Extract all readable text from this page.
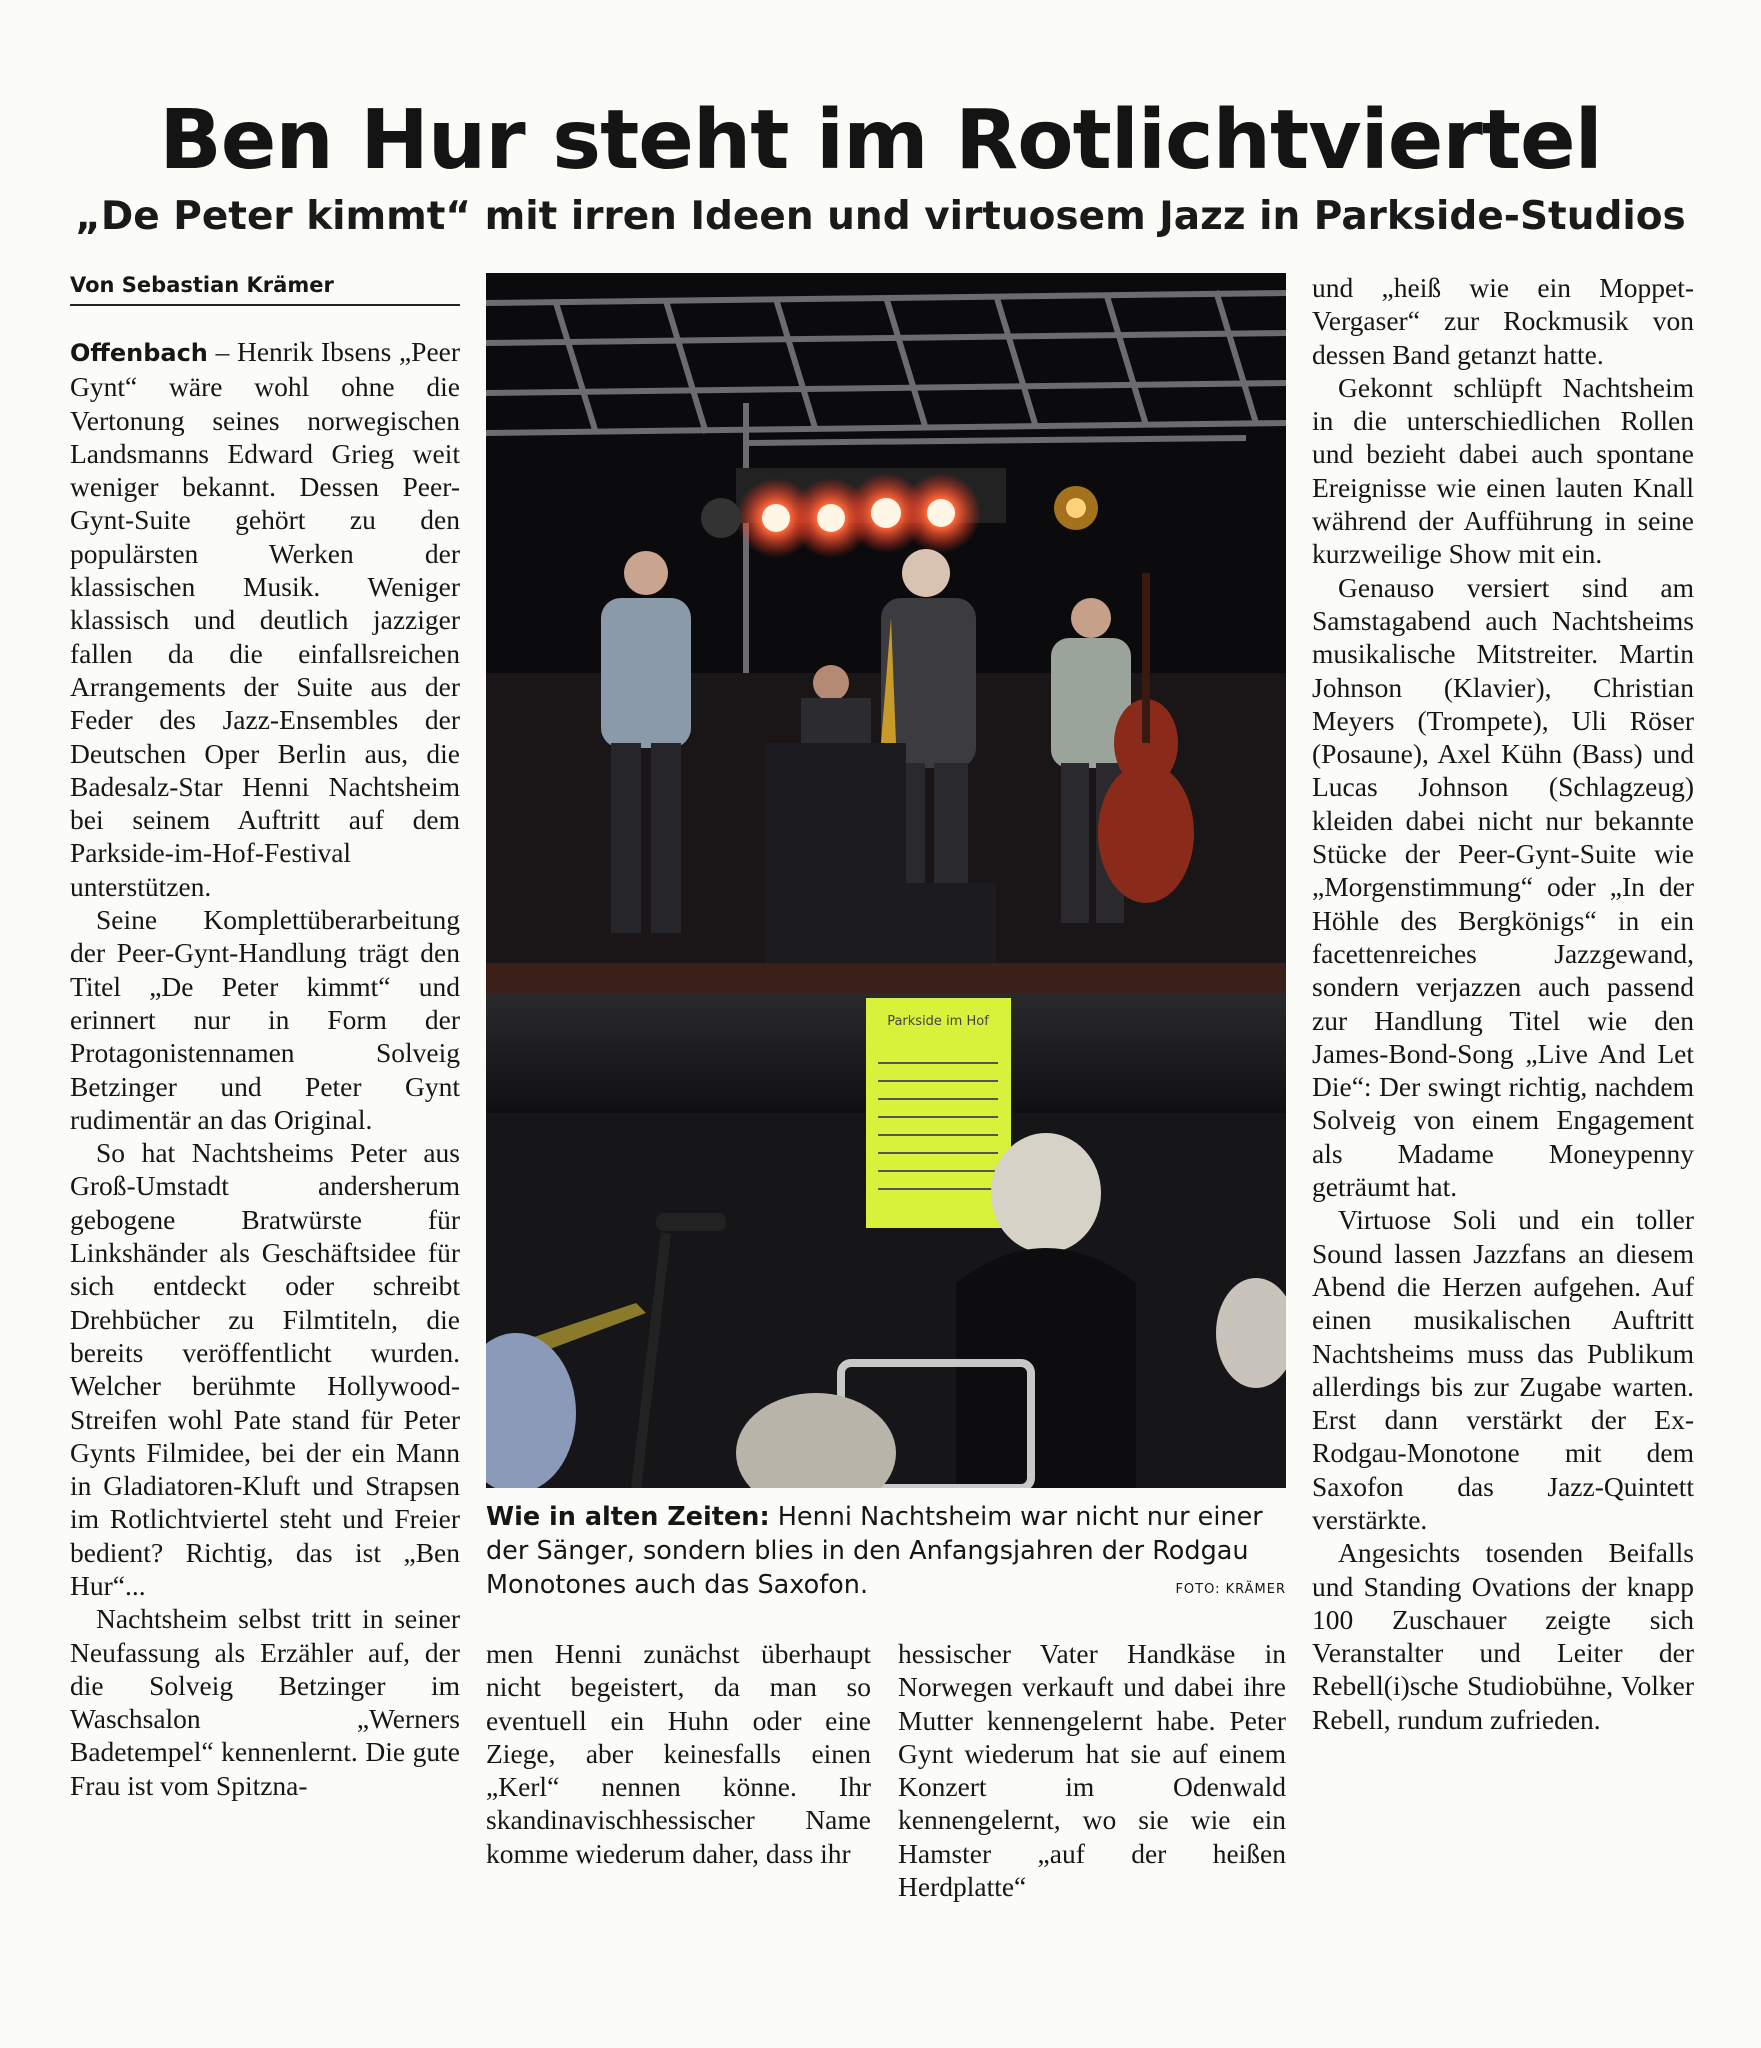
Ben Hur steht im Rotlichtviertel
„De Peter kimmt“ mit irren Ideen und virtuosem Jazz in Parkside-Studios
Von Sebastian Krämer

Offenbach – Henrik Ibsens „Peer Gynt“ wäre wohl ohne die Vertonung seines norwegischen Landsmanns Edward Grieg weit weniger bekannt. Dessen Peer-Gynt-Suite gehört zu den populärsten Werken der klassischen Musik. Weniger klassisch und deutlich jazziger fallen da die einfallsreichen Arrangements der Suite aus der Feder des Jazz-Ensembles der Deutschen Oper Berlin aus, die Badesalz-Star Henni Nachtsheim bei seinem Auftritt auf dem Parkside-im-Hof-Festival unterstützen.

Seine Komplettüberarbeitung der Peer-Gynt-Handlung trägt den Titel „De Peter kimmt“ und erinnert nur in Form der Protagonistennamen Solveig Betzinger und Peter Gynt rudimentär an das Original.

So hat Nachtsheims Peter aus Groß-Umstadt andersherum gebogene Bratwürste für Linkshänder als Geschäftsidee für sich entdeckt oder schreibt Drehbücher zu Filmtiteln, die bereits veröffentlicht wurden. Welcher berühmte Hollywood-Streifen wohl Pate stand für Peter Gynts Filmidee, bei der ein Mann in Gladiatoren-Kluft und Strapsen im Rotlichtviertel steht und Freier bedient? Richtig, das ist „Ben Hur“...

Nachtsheim selbst tritt in seiner Neufassung als Erzähler auf, der die Solveig Betzinger im Waschsalon „Werners Badetempel“ kennenlernt. Die gute Frau ist vom Spitzna-

Parkside im Hof
Wie in alten Zeiten: Henni Nachtsheim war nicht nur einer der Sänger, sondern blies in den Anfangsjahren der Rodgau Monotones auch das Saxofon.	FOTO: KRÄMER

men Henni zunächst überhaupt nicht begeistert, da man so eventuell ein Huhn oder eine Ziege, aber keinesfalls einen „Kerl“ nennen könne. Ihr skandinavischhessischer Name komme wiederum daher, dass ihr

hessischer Vater Handkäse in Norwegen verkauft und dabei ihre Mutter kennengelernt habe. Peter Gynt wiederum hat sie auf einem Konzert im Odenwald kennengelernt, wo sie wie ein Hamster „auf der heißen Herdplatte“

und „heiß wie ein Moppet-Vergaser“ zur Rockmusik von dessen Band getanzt hatte.

Gekonnt schlüpft Nachtsheim in die unterschiedlichen Rollen und bezieht dabei auch spontane Ereignisse wie einen lauten Knall während der Aufführung in seine kurzweilige Show mit ein.

Genauso versiert sind am Samstagabend auch Nachtsheims musikalische Mitstreiter. Martin Johnson (Klavier), Christian Meyers (Trompete), Uli Röser (Posaune), Axel Kühn (Bass) und Lucas Johnson (Schlagzeug) kleiden dabei nicht nur bekannte Stücke der Peer-Gynt-Suite wie „Morgenstimmung“ oder „In der Höhle des Bergkönigs“ in ein facettenreiches Jazzgewand, sondern verjazzen auch passend zur Handlung Titel wie den James-Bond-Song „Live And Let Die“: Der swingt richtig, nachdem Solveig von einem Engagement als Madame Moneypenny geträumt hat.

Virtuose Soli und ein toller Sound lassen Jazzfans an diesem Abend die Herzen aufgehen. Auf einen musikalischen Auftritt Nachtsheims muss das Publikum allerdings bis zur Zugabe warten. Erst dann verstärkt der Ex-Rodgau-Monotone mit dem Saxofon das Jazz-Quintett verstärkte.

Angesichts tosenden Beifalls und Standing Ovations der knapp 100 Zuschauer zeigte sich Veranstalter und Leiter der Rebell(i)sche Studiobühne, Volker Rebell, rundum zufrieden.
